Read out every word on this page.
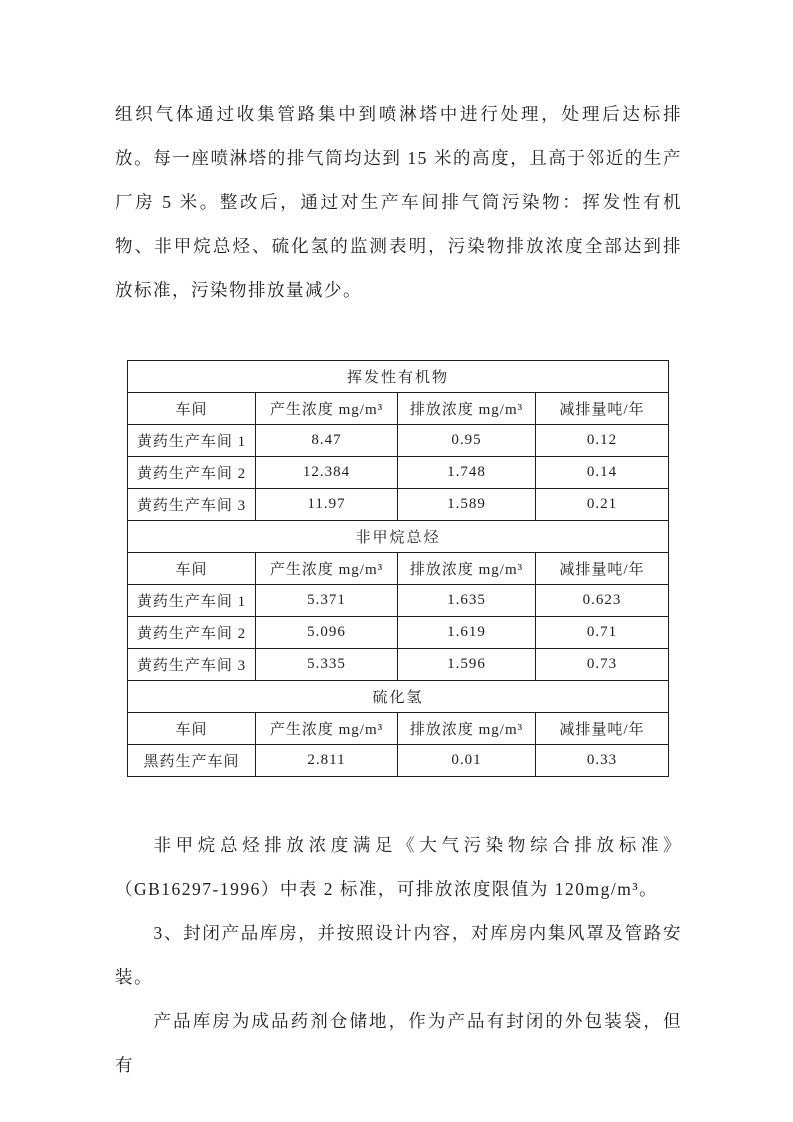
组织气体通过收集管路集中到喷淋塔中进行处理，处理后达标排放。每一座喷淋塔的排气筒均达到 15 米的高度，且高于邻近的生产厂房 5 米。整改后，通过对生产车间排气筒污染物：挥发性有机物、非甲烷总烃、硫化氢的监测表明，污染物排放浓度全部达到排放标准，污染物排放量减少。

挥发性有机物			
车间	产生浓度 mg/m³	排放浓度 mg/m³	减排量吨/年
黄药生产车间 1	8.47	0.95	0.12
黄药生产车间 2	12.384	1.748	0.14
黄药生产车间 3	11.97	1.589	0.21
非甲烷总烃			
车间	产生浓度 mg/m³	排放浓度 mg/m³	减排量吨/年
黄药生产车间 1	5.371	1.635	0.623
黄药生产车间 2	5.096	1.619	0.71
黄药生产车间 3	5.335	1.596	0.73
硫化氢			
车间	产生浓度 mg/m³	排放浓度 mg/m³	减排量吨/年
黑药生产车间	2.811	0.01	0.33

非甲烷总烃排放浓度满足《大气污染物综合排放标准》（GB16297-1996）中表 2 标准，可排放浓度限值为 120mg/m³。

3、封闭产品库房，并按照设计内容，对库房内集风罩及管路安装。

产品库房为成品药剂仓储地，作为产品有封闭的外包装袋，但有
